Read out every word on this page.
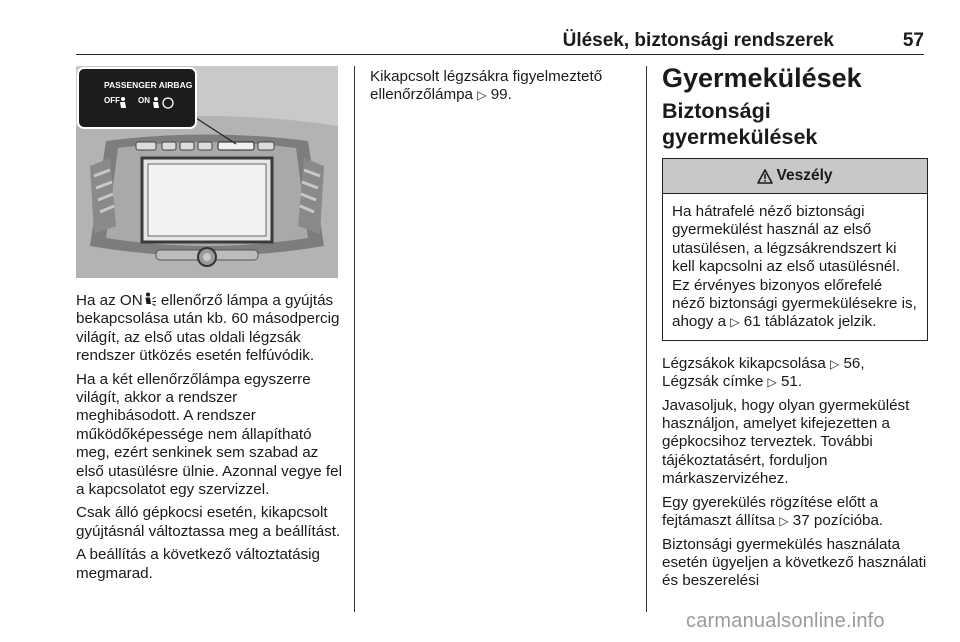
Ülések, biztonsági rendszerek	57
PASSENGER AIRBAG
OFF ON

Ha az ON ellenőrző lámpa a gyújtás bekapcsolása után kb. 60 másodpercig világít, az első utas oldali légzsák rendszer ütközés esetén felfúvódik.

Ha a két ellenőrzőlámpa egyszerre világít, akkor a rendszer meghibásodott. A rendszer működőképessége nem állapítható meg, ezért senkinek sem szabad az első utasülésre ülnie. Azonnal vegye fel a kapcsolatot egy szervizzel.

Csak álló gépkocsi esetén, kikapcsolt gyújtásnál változtassa meg a beállítást.

A beállítás a következő változtatásig megmarad.

Kikapcsolt légzsákra figyelmeztető ellenőrzőlámpa ▷ 99.

Gyermekülések
Biztonsági gyermekülések
Veszély
Ha hátrafelé néző biztonsági gyermekülést használ az első utasülésen, a légzsákrendszert ki kell kapcsolni az első utasülésnél. Ez érvényes bizonyos előrefelé néző biztonsági gyermekülésekre is, ahogy a ▷ 61 táblázatok jelzik.

Légzsákok kikapcsolása ▷ 56,
Légzsák címke ▷ 51.

Javasoljuk, hogy olyan gyermekülést használjon, amelyet kifejezetten a gépkocsihoz terveztek. További tájékoztatásért, forduljon márkaszervizéhez.

Egy gyerekülés rögzítése előtt a fejtámaszt állítsa ▷ 37 pozícióba.

Biztonsági gyermekülés használata esetén ügyeljen a következő használati és beszerelési

carmanualsonline.info
